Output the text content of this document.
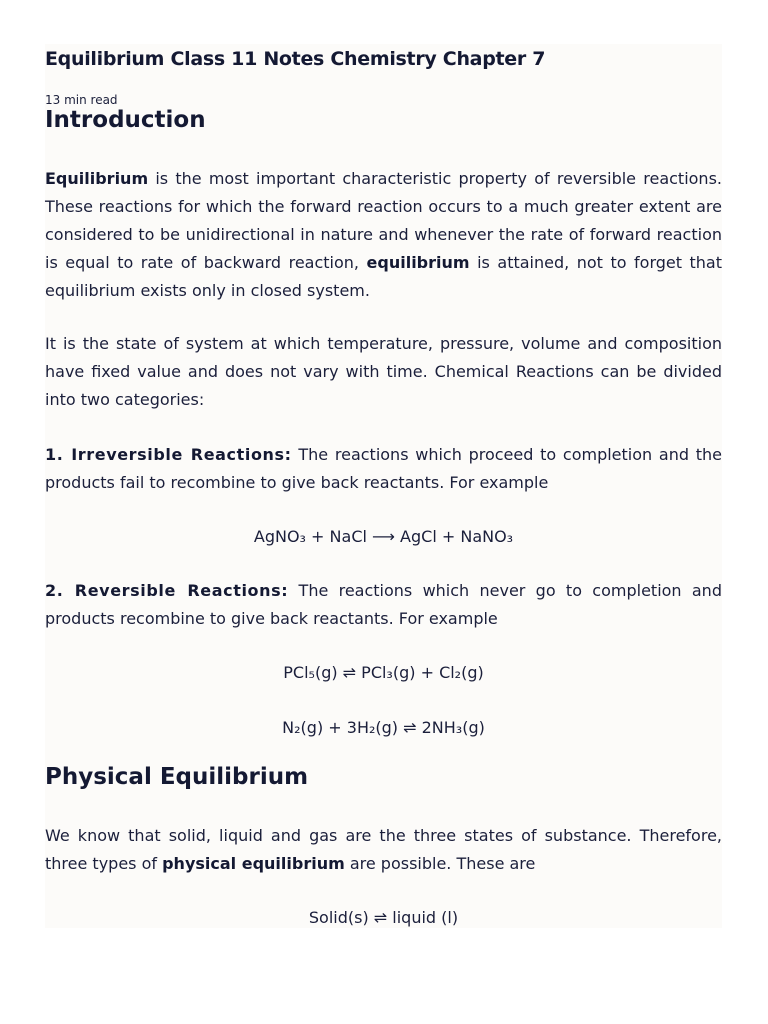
Equilibrium Class 11 Notes Chemistry Chapter 7
13 min read
Introduction

Equilibrium is the most important characteristic property of reversible reactions. These reactions for which the forward reaction occurs to a much greater extent are considered to be unidirectional in nature and whenever the rate of forward reaction is equal to rate of backward reaction, equilibrium is attained, not to forget that equilibrium exists only in closed system.

It is the state of system at which temperature, pressure, volume and composition have fixed value and does not vary with time. Chemical Reactions can be divided into two categories:

1. Irreversible Reactions: The reactions which proceed to completion and the products fail to recombine to give back reactants. For example

AgNO₃ + NaCl ⟶ AgCl + NaNO₃

2. Reversible Reactions: The reactions which never go to completion and products recombine to give back reactants. For example

PCl₅(g) ⇌ PCl₃(g) + Cl₂(g)
N₂(g) + 3H₂(g) ⇌ 2NH₃(g)
Physical Equilibrium

We know that solid, liquid and gas are the three states of substance. Therefore, three types of physical equilibrium are possible. These are

Solid(s) ⇌ liquid (l)
